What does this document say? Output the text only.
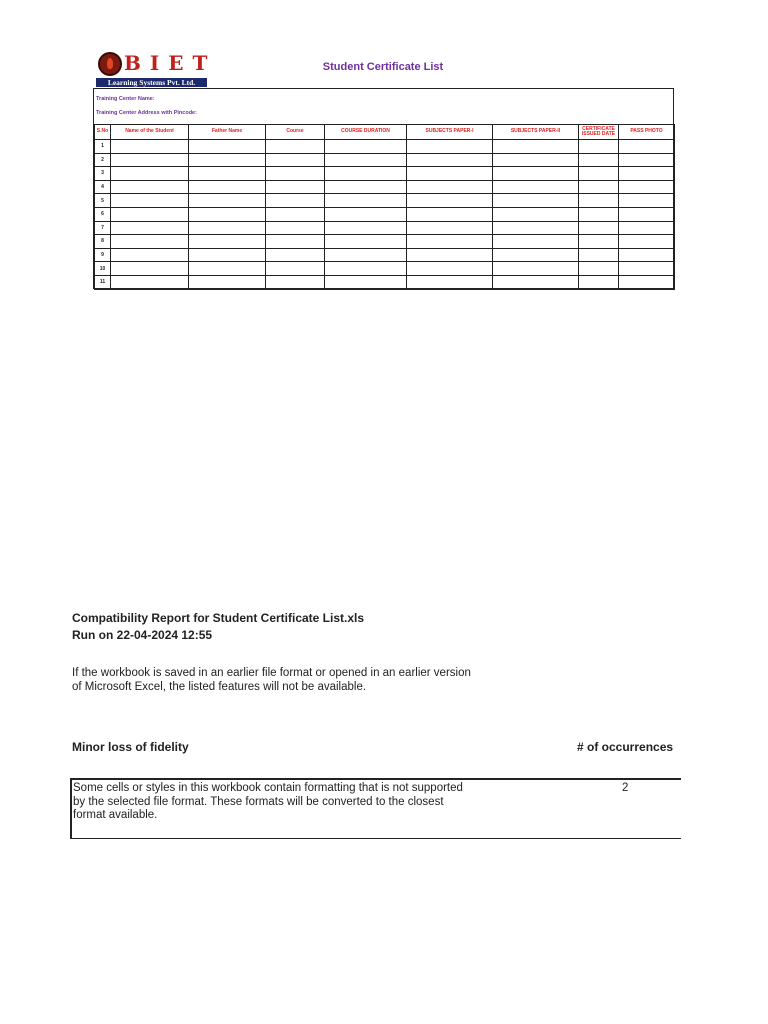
BIET
Learning Systems Pvt. Ltd.
Student Certificate List
Training Center Name:
Training Center Address with Pincode:
S.No	Name of the Student	Father Name	Course	COURSE DURATION	SUBJECTS PAPER-I	SUBJECTS PAPER-II	CERTIFICATE ISSUED DATE	PASS PHOTO
1								
2								
3								
4								
5								
6								
7								
8								
9								
10								
11								
Compatibility Report for Student Certificate List.xls
Run on 22-04-2024 12:55
If the workbook is saved in an earlier file format or opened in an earlier version
of Microsoft Excel, the listed features will not be available.
Minor loss of fidelity	# of occurrences
Some cells or styles in this workbook contain formatting that is not supported
by the selected file format. These formats will be converted to the closest
format available.
2
